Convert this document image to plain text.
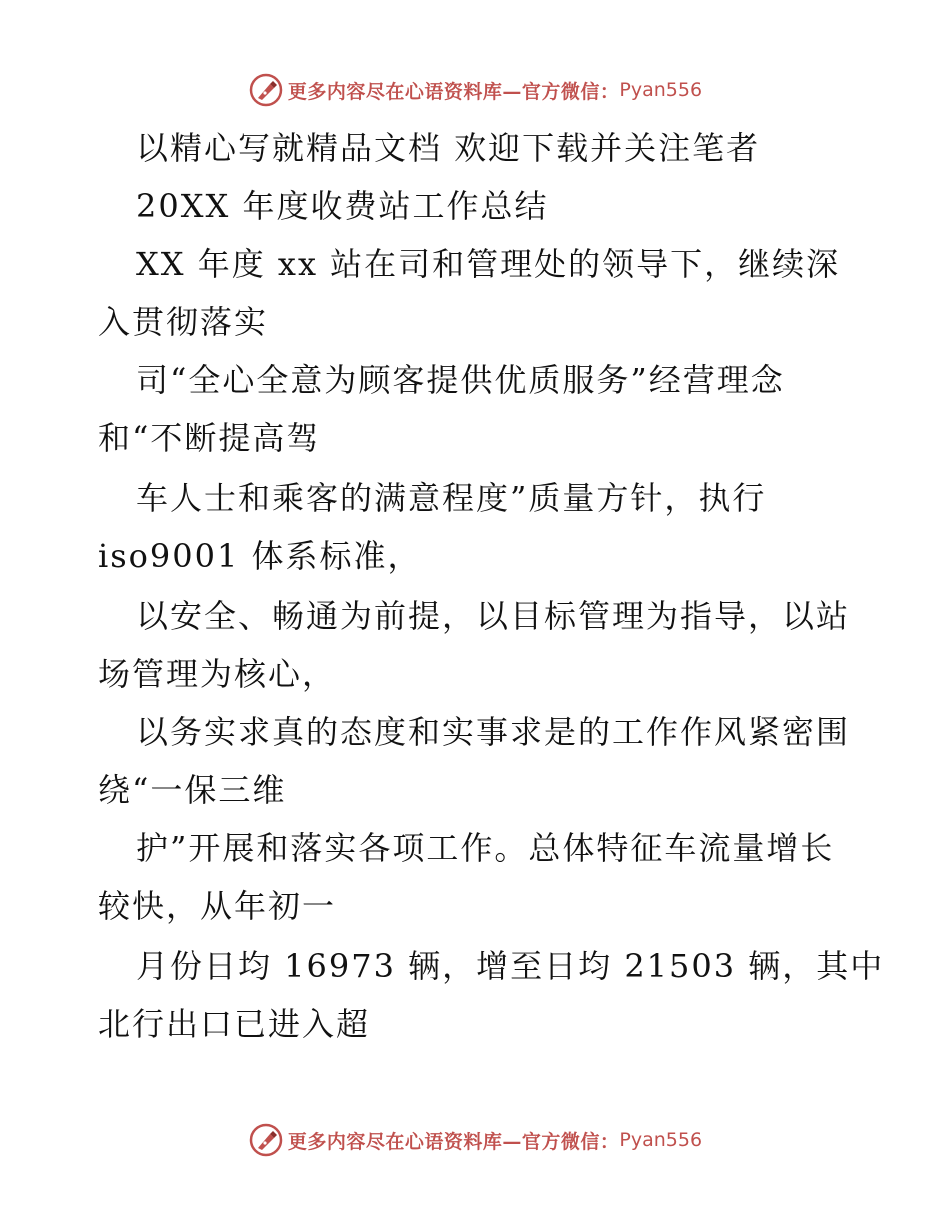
更多内容尽在心语资料库—官方微信： Pyan556
以精心写就精品文档 欢迎下载并关注笔者
20XX 年度收费站工作总结
XX 年度 xx 站在司和管理处的领导下，继续深
入贯彻落实
司“全心全意为顾客提供优质服务”经营理念
和“不断提高驾
车人士和乘客的满意程度”质量方针，执行
iso9001 体系标准，
以安全、畅通为前提，以目标管理为指导，以站
场管理为核心，
以务实求真的态度和实事求是的工作作风紧密围
绕“一保三维
护”开展和落实各项工作。总体特征车流量增长
较快，从年初一
月份日均 16973 辆，增至日均 21503 辆，其中
北行出口已进入超
更多内容尽在心语资料库—官方微信： Pyan556
